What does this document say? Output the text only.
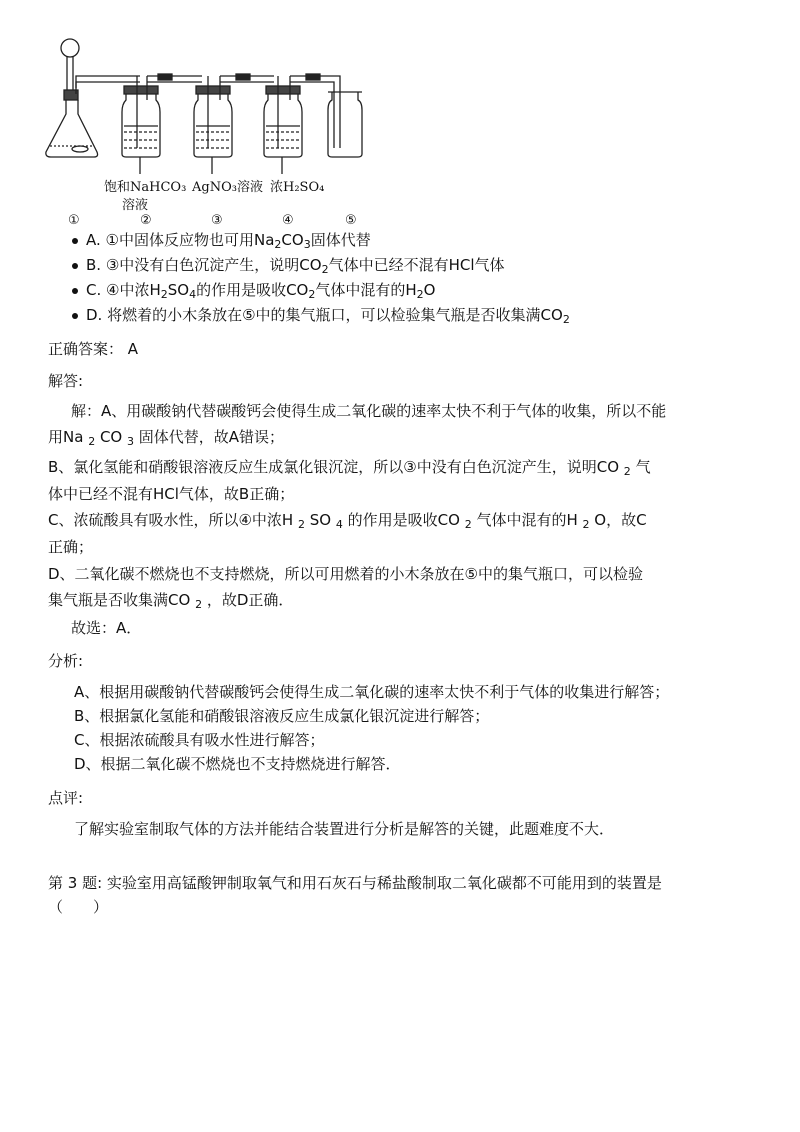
饱和NaHCO₃
溶液
AgNO₃溶液 浓H₂SO₄
①	②	③	④	⑤
A. ①中固体反应物也可用$Na_2CO_3$固体代替
B. ③中没有白色沉淀产生，说明$CO_2$气体中已经不混有HCl气体
C. ④中浓$H_2SO_4$的作用是吸收$CO_2$气体中混有的$H_2O$
D. 将燃着的小木条放在⑤中的集气瓶口，可以检验集气瓶是否收集满$CO_2$
正确答案： A
解答:
解：A、用碳酸钠代替碳酸钙会使得生成二氧化碳的速率太快不利于气体的收集，所以不能
用Na $_2$ CO $_3$ 固体代替，故A错误；
B、氯化氢能和硝酸银溶液反应生成氯化银沉淀，所以③中没有白色沉淀产生，说明CO $_2$ 气
体中已经不混有HCl气体，故B正确；
C、浓硫酸具有吸水性，所以④中浓H $_2$ SO $_4$ 的作用是吸收CO $_2$ 气体中混有的H $_2$ O，故C
正确；
D、二氧化碳不燃烧也不支持燃烧，所以可用燃着的小木条放在⑤中的集气瓶口，可以检验
集气瓶是否收集满CO $_2$ ，故D正确．
故选：A．
分析:
A、根据用碳酸钠代替碳酸钙会使得生成二氧化碳的速率太快不利于气体的收集进行解答；
B、根据氯化氢能和硝酸银溶液反应生成氯化银沉淀进行解答；
C、根据浓硫酸具有吸水性进行解答；
D、根据二氧化碳不燃烧也不支持燃烧进行解答．
点评:
了解实验室制取气体的方法并能结合装置进行分析是解答的关键，此题难度不大．
第 3 题: 实验室用高锰酸钾制取氧气和用石灰石与稀盐酸制取二氧化碳都不可能用到的装置是
（　　）
